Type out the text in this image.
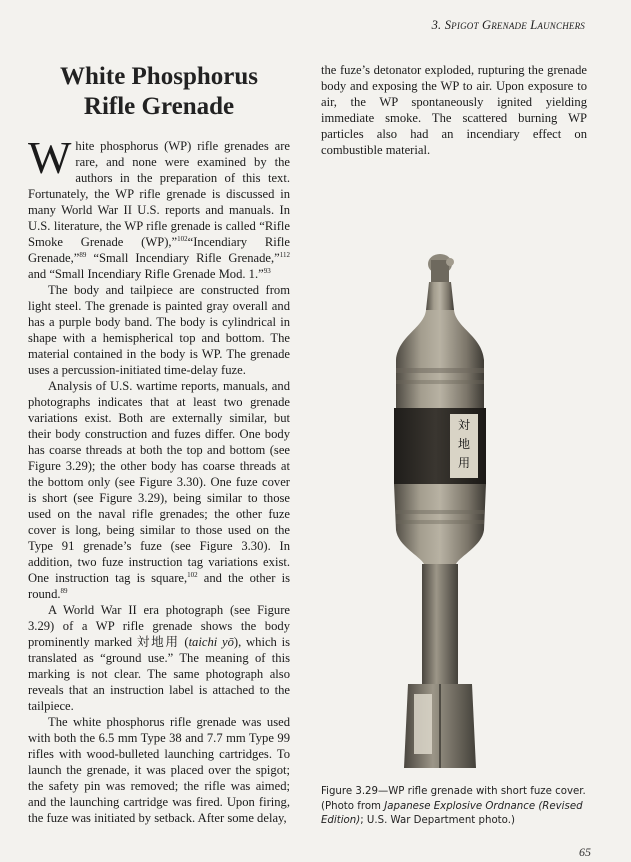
3. Spigot Grenade Launchers
White Phosphorus
Rifle Grenade

White phosphorus (WP) rifle grenades are rare, and none were examined by the authors in the preparation of this text. Fortunately, the WP rifle grenade is discussed in many World War II U.S. reports and manuals. In U.S. literature, the WP rifle grenade is called “Rifle Smoke Grenade (WP),”$^{102}$“Incendiary Rifle Grenade,”$^{89}$ “Small Incendiary Rifle Grenade,”$^{112}$ and “Small Incendiary Rifle Grenade Mod. 1.”$^{93}$

The body and tailpiece are constructed from light steel. The grenade is painted gray overall and has a purple body band. The body is cylindrical in shape with a hemispherical top and bottom. The material contained in the body is WP. The grenade uses a percussion-initiated time-delay fuze.

Analysis of U.S. wartime reports, manuals, and photographs indicates that at least two grenade variations exist. Both are externally similar, but their body construction and fuzes differ. One body has coarse threads at both the top and bottom (see Figure 3.29); the other body has coarse threads at the bottom only (see Figure 3.30). One fuze cover is short (see Figure 3.29), being similar to those used on the naval rifle grenades; the other fuze cover is long, being similar to those used on the Type 91 grenade’s fuze (see Figure 3.30). In addition, two fuze instruction tag variations exist. One instruction tag is square,$^{102}$ and the other is round.$^{89}$

A World War II era photograph (see Figure 3.29) of a WP rifle grenade shows the body prominently marked 対地用 (taichi yō), which is translated as “ground use.” The meaning of this marking is not clear. The same photograph also reveals that an instruction label is attached to the tailpiece.

The white phosphorus rifle grenade was used with both the 6.5 mm Type 38 and 7.7 mm Type 99 rifles with wood-bulleted launching cartridges. To launch the grenade, it was placed over the spigot; the safety pin was removed; the rifle was aimed; and the launching cartridge was fired. Upon firing, the fuze was initiated by setback. After some delay,

対
地
用
Figure 3.29—WP rifle grenade with short fuze cover. (Photo from Japanese Explosive Ordnance (Revised Edition); U.S. War Department photo.)
65

the fuze’s detonator exploded, rupturing the grenade body and exposing the WP to air. Upon exposure to air, the WP spontaneously ignited yielding immediate smoke. The scattered burning WP particles also had an incendiary effect on combustible material.
